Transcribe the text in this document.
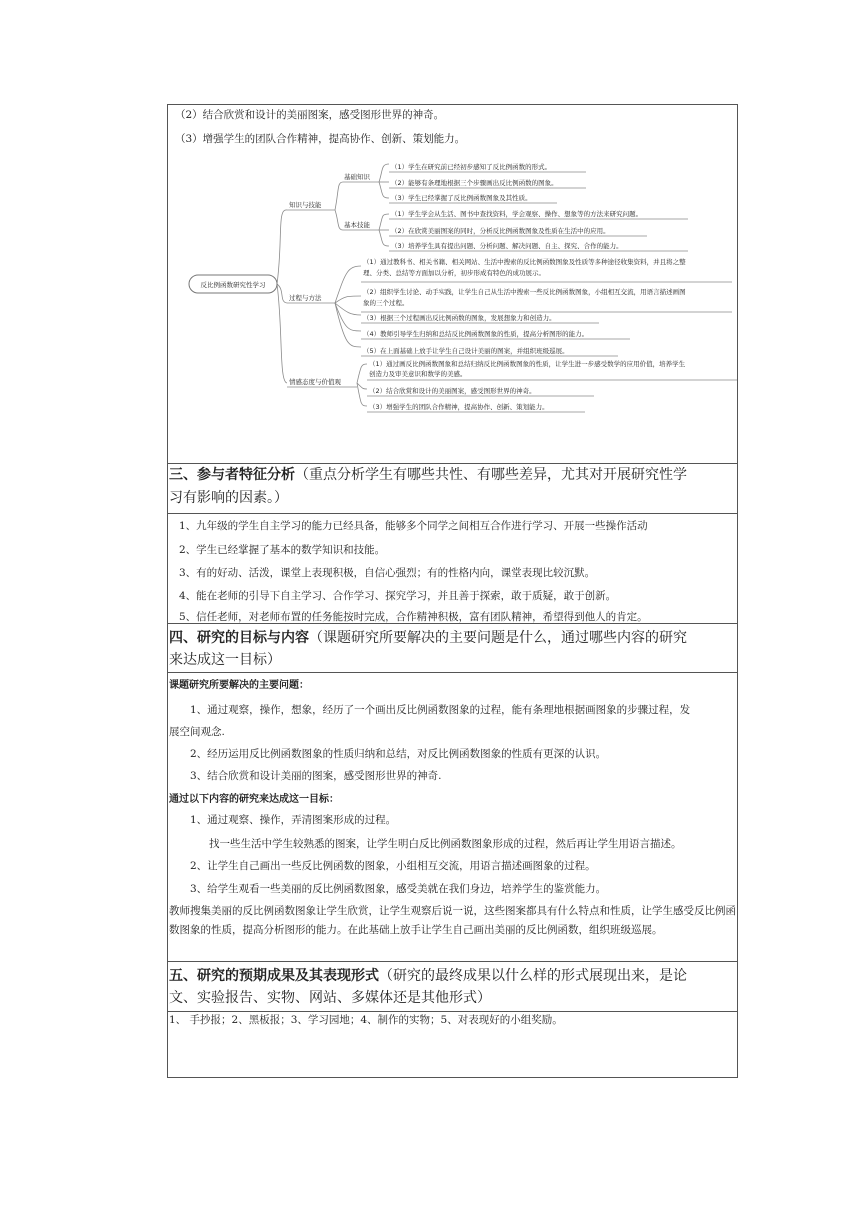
（2）结合欣赏和设计的美丽图案，感受图形世界的神奇。
（3）增强学生的团队合作精神，提高协作、创新、策划能力。
反比例函数研究性学习
知识与技能
基础知识
基本技能
（1）学生在研究前已经初步感知了反比例函数的形式。
（2）能够有条理地根据三个步骤画出反比例函数的图象。
（3）学生已经掌握了反比例函数图象及其性质。
（1）学生学会从生活、图书中查找资料，学会观察、操作、想象等的方法来研究问题。
（2）在欣赏美丽图案的同时，分析反比例函数图象及性质在生活中的应用。
（3）培养学生具有提出问题、分析问题、解决问题、自主、探究、合作的能力。
过程与方法
（1）通过教科书、相关书籍、相关网站、生活中搜索的反比例函数图象及性质等多种途径收集资料，并且将之整
理、分类、总结等方面加以分析，初步形成有特色的成功展示。
（2）组织学生讨论、动手实践，让学生自己从生活中搜索一些反比例函数图象，小组相互交流，用语言描述画图
象的三个过程。
（3）根据三个过程画出反比例函数的图象，发展想象力和创造力。
（4）教师引导学生归纳和总结反比例函数图象的性质，提高分析图形的能力。
（5）在上面基础上放手让学生自己设计美丽的图案，并组织班级巡展。
情感态度与价值观
（1）通过画反比例函数图象和总结归纳反比例函数图象的性质，让学生进一步感受数学的应用价值，培养学生
创造力及审美意识和数学的美感。
（2）结合欣赏和设计的美丽图案，感受图形世界的神奇。
（3）增强学生的团队合作精神，提高协作、创新、策划能力。
三、参与者特征分析（重点分析学生有哪些共性、有哪些差异，尤其对开展研究性学
习有影响的因素。）
1、九年级的学生自主学习的能力已经具备，能够多个同学之间相互合作进行学习、开展一些操作活动
2、学生已经掌握了基本的数学知识和技能。
3、有的好动、活泼，课堂上表现积极，自信心强烈；有的性格内向，课堂表现比较沉默。
4、能在老师的引导下自主学习、合作学习、探究学习，并且善于探索，敢于质疑，敢于创新。
5、信任老师，对老师布置的任务能按时完成，合作精神积极，富有团队精神，希望得到他人的肯定。
四、研究的目标与内容（课题研究所要解决的主要问题是什么，通过哪些内容的研究
来达成这一目标）
课题研究所要解决的主要问题：
1、通过观察，操作，想象，经历了一个画出反比例函数图象的过程，能有条理地根据画图象的步骤过程，发
展空间观念.
2、经历运用反比例函数图象的性质归纳和总结，对反比例函数图象的性质有更深的认识。
3、结合欣赏和设计美丽的图案，感受图形世界的神奇.
通过以下内容的研究来达成这一目标：
1、通过观察、操作，弄清图案形成的过程。
找一些生活中学生较熟悉的图案，让学生明白反比例函数图象形成的过程，然后再让学生用语言描述。
2、让学生自己画出一些反比例函数的图象，小组相互交流，用语言描述画图象的过程。
3、给学生观看一些美丽的反比例函数图象，感受美就在我们身边，培养学生的鉴赏能力。
教师搜集美丽的反比例函数图象让学生欣赏，让学生观察后说一说，这些图案都具有什么特点和性质，让学生感受反比例函数图象的性质，提高分析图形的能力。在此基础上放手让学生自己画出美丽的反比例函数，组织班级巡展。
五、研究的预期成果及其表现形式（研究的最终成果以什么样的形式展现出来，是论
文、实验报告、实物、网站、多媒体还是其他形式）
1、 手抄报；2、黑板报；3、学习园地；4、制作的实物；5、对表现好的小组奖励。
